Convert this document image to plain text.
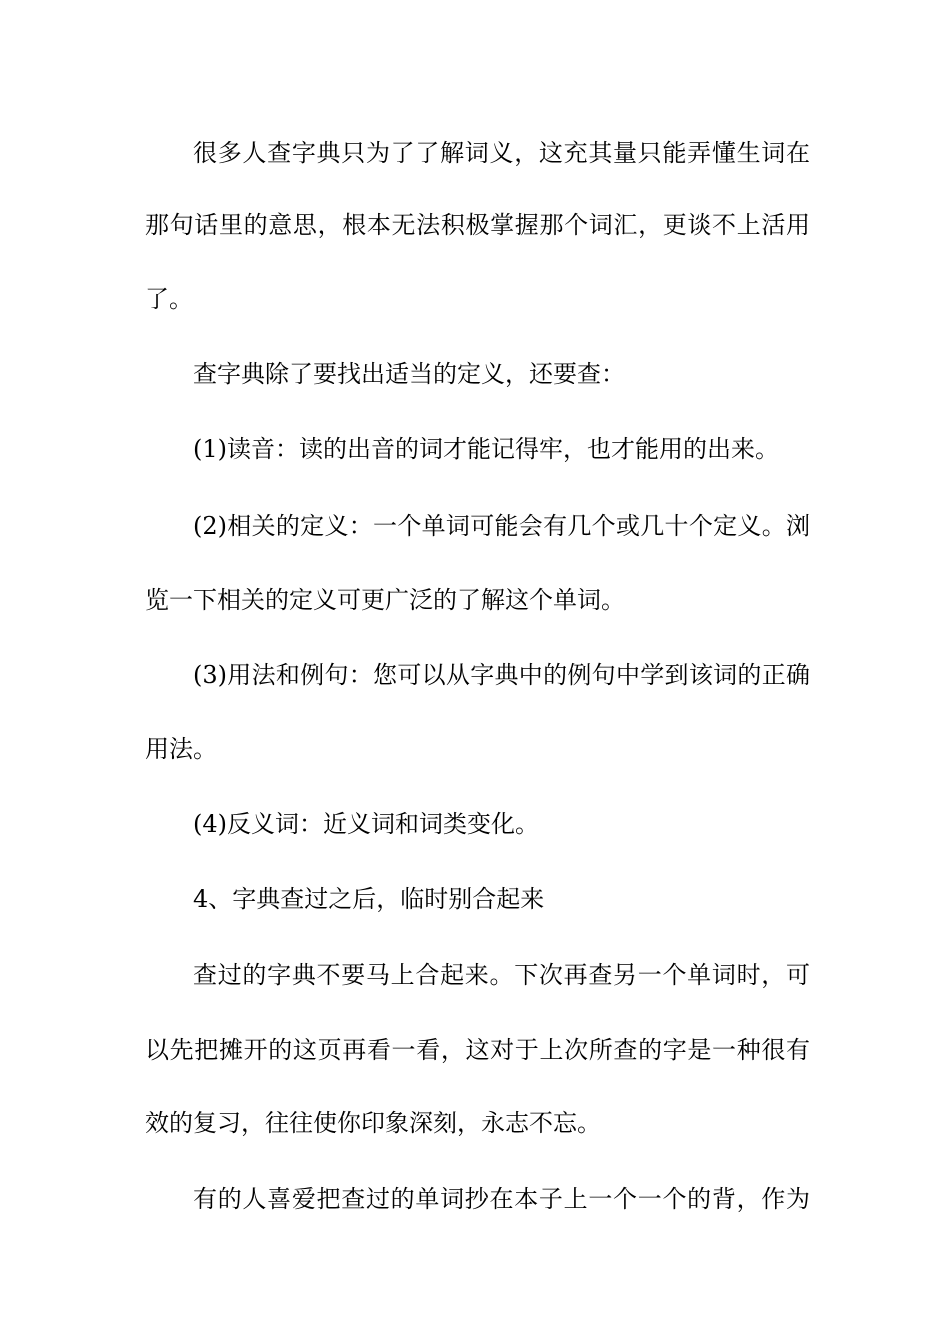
很多人查字典只为了了解词义，这充其量只能弄懂生词在
那句话里的意思，根本无法积极掌握那个词汇，更谈不上活用
了。
查字典除了要找出适当的定义，还要查：
(1)读音：读的出音的词才能记得牢，也才能用的出来。
(2)相关的定义：一个单词可能会有几个或几十个定义。浏
览一下相关的定义可更广泛的了解这个单词。
(3)用法和例句：您可以从字典中的例句中学到该词的正确
用法。
(4)反义词：近义词和词类变化。
4、字典查过之后，临时别合起来
查过的字典不要马上合起来。下次再查另一个单词时，可
以先把摊开的这页再看一看，这对于上次所查的字是一种很有
效的复习，往往使你印象深刻，永志不忘。
有的人喜爱把查过的单词抄在本子上一个一个的背，作为
